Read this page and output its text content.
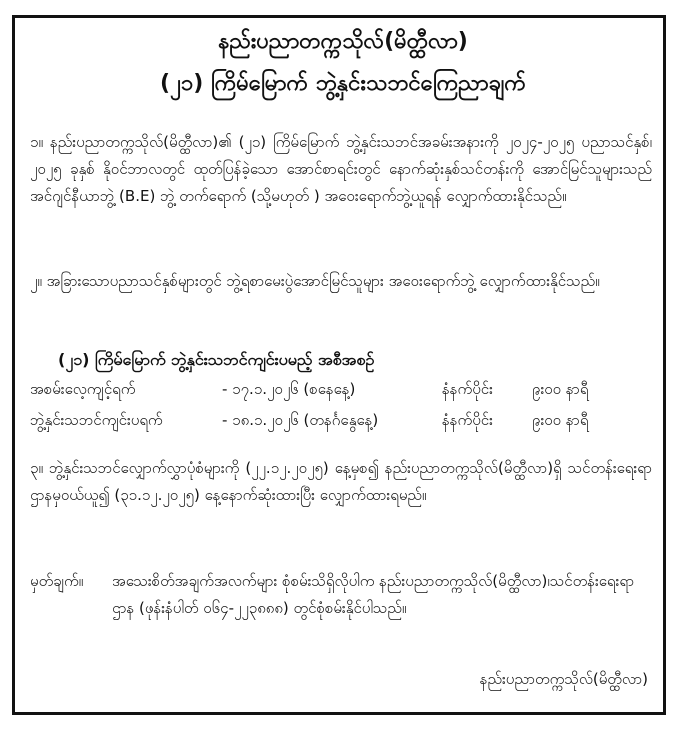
နည်းပညာတက္ကသိုလ်(မိတ္ထီလာ)
(၂၁) ကြိမ်မြောက် ဘွဲ့နှင်းသဘင်ကြေညာချက်
၁။ နည်းပညာတက္ကသိုလ်(မိတ္ထီလာ)၏ (၂၁) ကြိမ်မြောက် ဘွဲ့နှင်းသဘင်အခမ်းအနားကို ၂၀၂၄-၂၀၂၅ ပညာသင်နှစ်၊ ၂၀၂၅ ခုနှစ် နိုဝင်ဘာလတွင် ထုတ်ပြန်ခဲ့သော အောင်စာရင်းတွင် နောက်ဆုံးနှစ်သင်တန်းကို အောင်မြင်သူများသည် အင်ဂျင်နီယာဘွဲ့ (B.E) ဘွဲ့ တက်ရောက် (သို့မဟုတ် ) အဝေးရောက်ဘွဲ့ယူရန် လျှောက်ထားနိုင်သည်။
၂။ အခြားသောပညာသင်နှစ်များတွင် ဘွဲ့ရစာမေးပွဲအောင်မြင်သူများ အဝေးရောက်ဘွဲ့ လျှောက်ထားနိုင်သည်။
(၂၁) ကြိမ်မြောက် ဘွဲ့နှင်းသဘင်ကျင်းပမည့် အစီအစဉ်
အစမ်းလေ့ကျင့်ရက်	- ၁၇.၁.၂၀၂၆ (စနေနေ့)	နံနက်ပိုင်း	၉း၀၀ နာရီ
ဘွဲ့နှင်းသဘင်ကျင်းပရက်	- ၁၈.၁.၂၀၂၆ (တနင်္ဂနွေနေ့)	နံနက်ပိုင်း	၉း၀၀ နာရီ
၃။ ဘွဲ့နှင်းသဘင်လျှောက်လွှာပုံစံများကို (၂၂.၁၂.၂၀၂၅) နေ့မှစ၍ နည်းပညာတက္ကသိုလ်(မိတ္ထီလာ)ရှိ သင်တန်းရေးရာဌာနမှဝယ်ယူ၍ (၃၁.၁၂.၂၀၂၅) နေ့နောက်ဆုံးထားပြီး လျှောက်ထားရမည်။
မှတ်ချက်။ အသေးစိတ်အချက်အလက်များ စုံစမ်းသိရှိလိုပါက နည်းပညာတက္ကသိုလ်(မိတ္ထီလာ)၊သင်တန်းရေးရာဌာန (ဖုန်းနံပါတ် ၀၆၄-၂၂၃၈၈၈) တွင်စုံစမ်းနိုင်ပါသည်။
နည်းပညာတက္ကသိုလ်(မိတ္ထီလာ)
